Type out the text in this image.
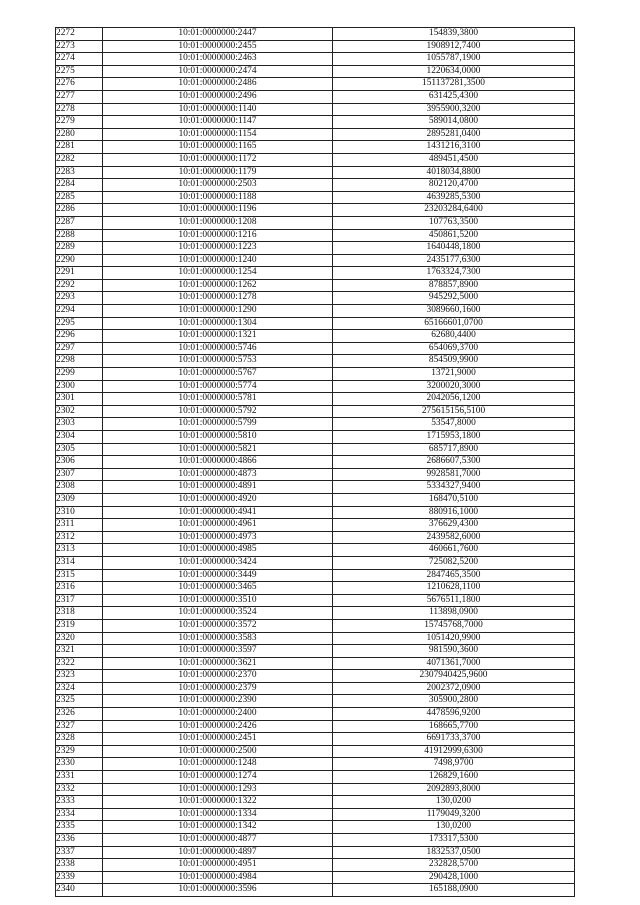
2272	10:01:0000000:2447	154839,3800
2273	10:01:0000000:2455	1908912,7400
2274	10:01:0000000:2463	1055787,1900
2275	10:01:0000000:2474	1220634,0000
2276	10:01:0000000:2486	151137281,3500
2277	10:01:0000000:2496	631425,4300
2278	10:01:0000000:1140	3955900,3200
2279	10:01:0000000:1147	589014,0800
2280	10:01:0000000:1154	2895281,0400
2281	10:01:0000000:1165	1431216,3100
2282	10:01:0000000:1172	489451,4500
2283	10:01:0000000:1179	4018034,8800
2284	10:01:0000000:2503	802120,4700
2285	10:01:0000000:1188	4639285,5300
2286	10:01:0000000:1196	23203284,6400
2287	10:01:0000000:1208	107763,3500
2288	10:01:0000000:1216	450861,5200
2289	10:01:0000000:1223	1640448,1800
2290	10:01:0000000:1240	2435177,6300
2291	10:01:0000000:1254	1763324,7300
2292	10:01:0000000:1262	878857,8900
2293	10:01:0000000:1278	945292,5000
2294	10:01:0000000:1290	3089660,1600
2295	10:01:0000000:1304	65166601,0700
2296	10:01:0000000:1321	62680,4400
2297	10:01:0000000:5746	654069,3700
2298	10:01:0000000:5753	854509,9900
2299	10:01:0000000:5767	13721,9000
2300	10:01:0000000:5774	3200020,3000
2301	10:01:0000000:5781	2042056,1200
2302	10:01:0000000:5792	275615156,5100
2303	10:01:0000000:5799	53547,8000
2304	10:01:0000000:5810	1715953,1800
2305	10:01:0000000:5821	685717,8900
2306	10:01:0000000:4866	2686607,5300
2307	10:01:0000000:4873	9928581,7000
2308	10:01:0000000:4891	5334327,9400
2309	10:01:0000000:4920	168470,5100
2310	10:01:0000000:4941	880916,1000
2311	10:01:0000000:4961	376629,4300
2312	10:01:0000000:4973	2439582,6000
2313	10:01:0000000:4985	460661,7600
2314	10:01:0000000:3424	725082,5200
2315	10:01:0000000:3449	2847465,3500
2316	10:01:0000000:3465	1210628,1100
2317	10:01:0000000:3510	5676511,1800
2318	10:01:0000000:3524	113898,0900
2319	10:01:0000000:3572	15745768,7000
2320	10:01:0000000:3583	1051420,9900
2321	10:01:0000000:3597	981590,3600
2322	10:01:0000000:3621	4071361,7000
2323	10:01:0000000:2370	2307940425,9600
2324	10:01:0000000:2379	2002372,0900
2325	10:01:0000000:2390	305900,2800
2326	10:01:0000000:2400	4478596,9200
2327	10:01:0000000:2426	168665,7700
2328	10:01:0000000:2451	6691733,3700
2329	10:01:0000000:2500	41912999,6300
2330	10:01:0000000:1248	7498,9700
2331	10:01:0000000:1274	126829,1600
2332	10:01:0000000:1293	2092893,8000
2333	10:01:0000000:1322	130,0200
2334	10:01:0000000:1334	1179049,3200
2335	10:01:0000000:1342	130,0200
2336	10:01:0000000:4877	173317,5300
2337	10:01:0000000:4897	1832537,0500
2338	10:01:0000000:4951	232828,5700
2339	10:01:0000000:4984	290428,1000
2340	10:01:0000000:3596	165188,0900
